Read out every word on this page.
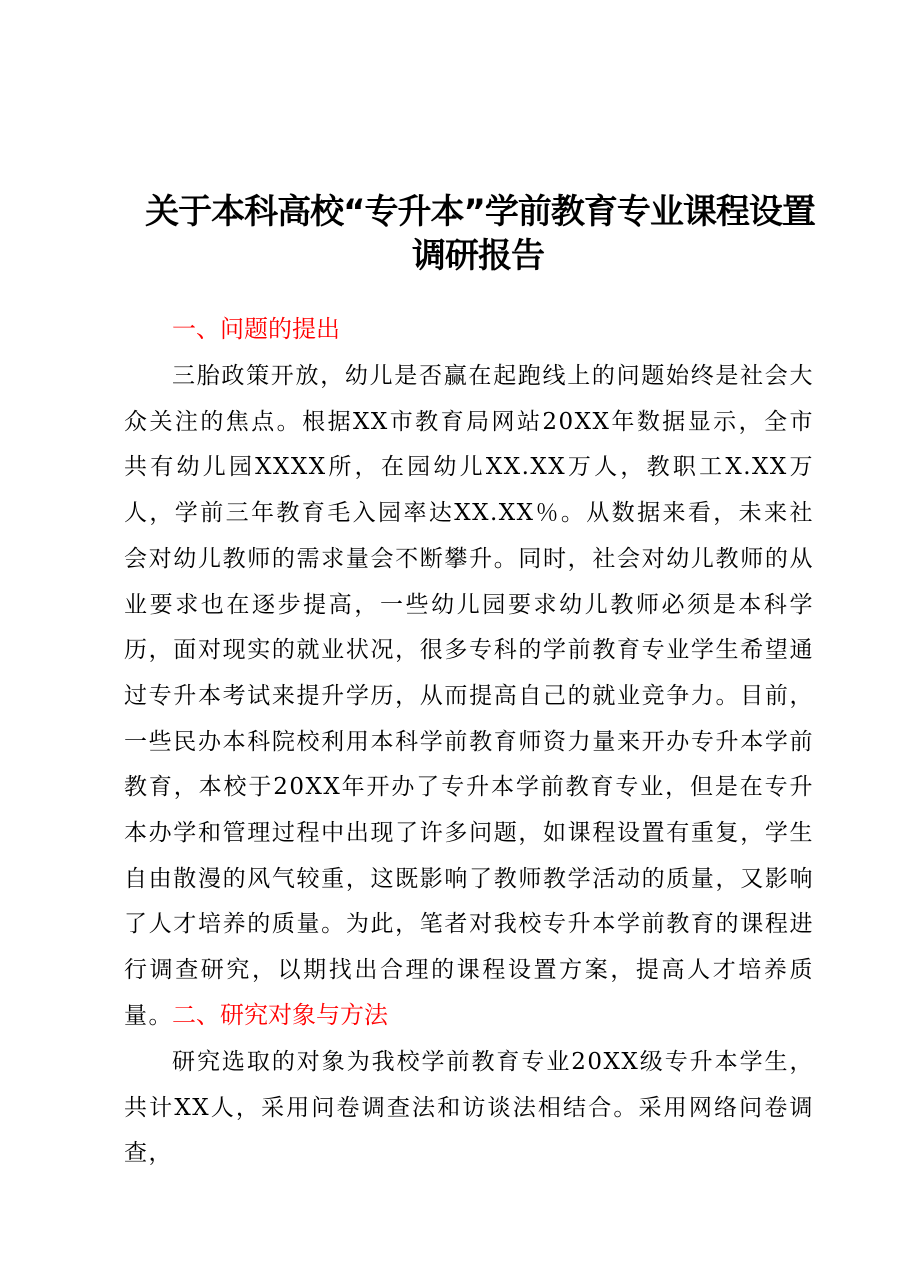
关于本科高校“专升本”学前教育专业课程设置
调研报告
一、问题的提出

三胎政策开放，幼儿是否赢在起跑线上的问题始终是社会大众关注的焦点。根据XX市教育局网站20XX年数据显示，全市共有幼儿园XXXX所，在园幼儿XX.XX万人，教职工X.XX万人，学前三年教育毛入园率达XX.XX％。从数据来看，未来社会对幼儿教师的需求量会不断攀升。同时，社会对幼儿教师的从业要求也在逐步提高，一些幼儿园要求幼儿教师必须是本科学历，面对现实的就业状况，很多专科的学前教育专业学生希望通过专升本考试来提升学历，从而提高自己的就业竞争力。目前，一些民办本科院校利用本科学前教育师资力量来开办专升本学前教育，本校于20XX年开办了专升本学前教育专业，但是在专升本办学和管理过程中出现了许多问题，如课程设置有重复，学生自由散漫的风气较重，这既影响了教师教学活动的质量，又影响了人才培养的质量。为此，笔者对我校专升本学前教育的课程进行调查研究，以期找出合理的课程设置方案，提高人才培养质量。 二、研究对象与方法

研究选取的对象为我校学前教育专业20XX级专升本学生，共计XX人，采用问卷调查法和访谈法相结合。采用网络问卷调查，
